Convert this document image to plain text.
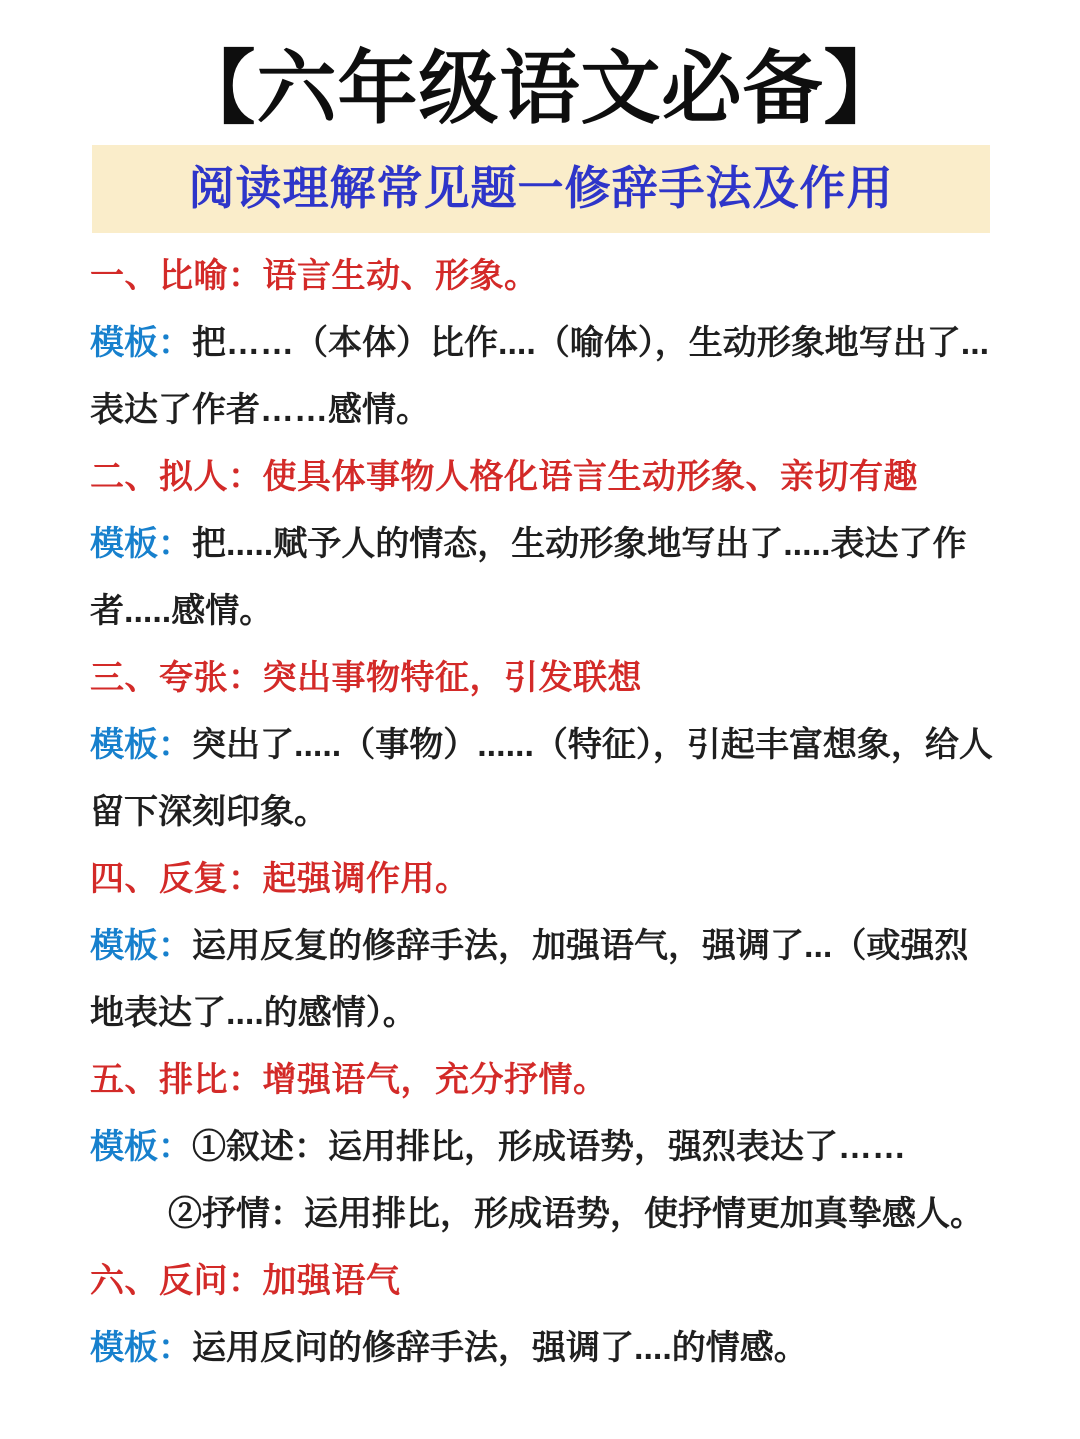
【六年级语文必备】
阅读理解常见题一修辞手法及作用

一、比喻：语言生动、形象。

模板：把……（本体）比作....（喻体），生动形象地写出了...表达了作者……感情。

二、拟人：使具体事物人格化语言生动形象、亲切有趣

模板：把.....赋予人的情态，生动形象地写出了.....表达了作者.....感情。

三、夸张：突出事物特征，引发联想

模板：突出了.....（事物）......（特征），引起丰富想象，给人留下深刻印象。

四、反复：起强调作用。

模板：运用反复的修辞手法，加强语气，强调了...（或强烈地表达了....的感情）。

五、排比：增强语气，充分抒情。

模板：①叙述：运用排比，形成语势，强烈表达了……

②抒情：运用排比，形成语势，使抒情更加真挚感人。

六、反问：加强语气

模板：运用反问的修辞手法，强调了....的情感。
